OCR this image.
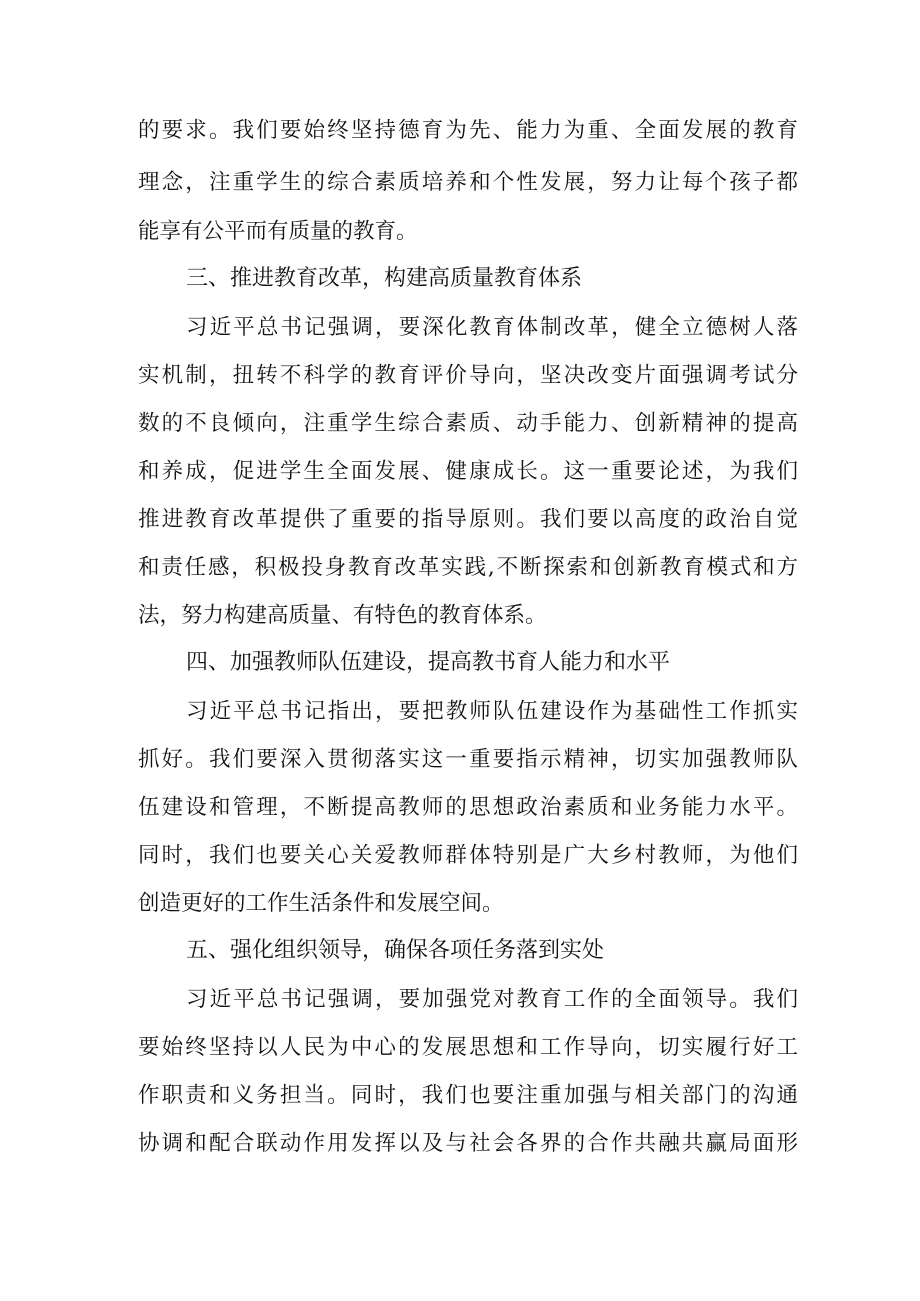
的要求。我们要始终坚持德育为先、能力为重、全面发展的教育
理念，注重学生的综合素质培养和个性发展，努力让每个孩子都
能享有公平而有质量的教育。
三、推进教育改革，构建高质量教育体系
习近平总书记强调，要深化教育体制改革，健全立德树人落
实机制，扭转不科学的教育评价导向，坚决改变片面强调考试分
数的不良倾向，注重学生综合素质、动手能力、创新精神的提高
和养成，促进学生全面发展、健康成长。这一重要论述，为我们
推进教育改革提供了重要的指导原则。我们要以高度的政治自觉
和责任感，积极投身教育改革实践,不断探索和创新教育模式和方
法，努力构建高质量、有特色的教育体系。
四、加强教师队伍建设，提高教书育人能力和水平
习近平总书记指出，要把教师队伍建设作为基础性工作抓实
抓好。我们要深入贯彻落实这一重要指示精神，切实加强教师队
伍建设和管理，不断提高教师的思想政治素质和业务能力水平。
同时，我们也要关心关爱教师群体特别是广大乡村教师，为他们
创造更好的工作生活条件和发展空间。
五、强化组织领导，确保各项任务落到实处
习近平总书记强调，要加强党对教育工作的全面领导。我们
要始终坚持以人民为中心的发展思想和工作导向，切实履行好工
作职责和义务担当。同时，我们也要注重加强与相关部门的沟通
协调和配合联动作用发挥以及与社会各界的合作共融共赢局面形
